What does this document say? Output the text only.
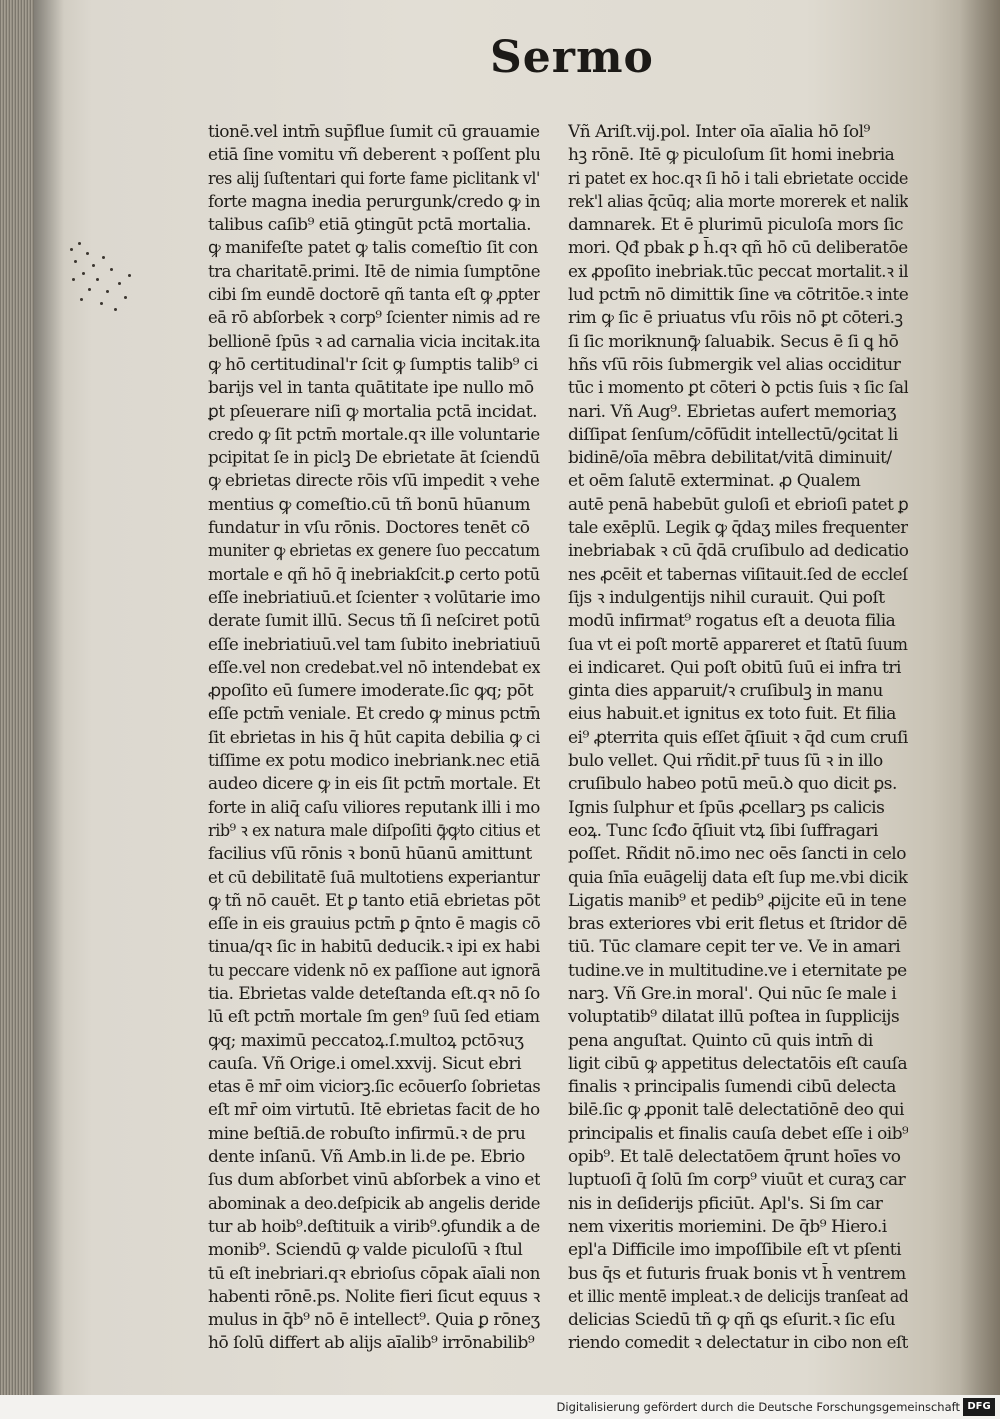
Sermo
tionē.vel intm̄ sup̄flue ſumit cū grauamie
etiā ſine vomitu vñ deberent ꝛ poſſent plu
res alij ſuſtentari qui forte fame piclitank vl'
forte magna inedia perurgunk/credo ꝙ in
talibus caſib⁹ etiā ꝯtingūt pctā mortalia.
ꝙ manifeſte patet ꝙ talis comeſtio ſit con
tra charitatē.primi. Itē de nimia ſumptōne
cibi ſm eundē doctorē qñ tanta eſt ꝙ ꝓpter
eā rō abſorbek ꝛ corp⁹ ſcienter nimis ad re
bellionē ſpūs ꝛ ad carnalia vicia incitak.ita
ꝙ hō certitudinal'r ſcit ꝙ ſumptis talib⁹ ci
barijs vel in tanta quātitate ipe nullo mō
ꝑt pſeuerare niſi ꝙ mortalia pctā incidat.
credo ꝙ ſit pctm̄ mortale.qꝛ ille voluntarie
pcipitat ſe in piclꝫ De ebrietate āt ſciendū
ꝙ ebrietas directe rōis vſū impedit ꝛ vehe
mentius ꝙ comeſtio.cū tñ bonū hūanum
fundatur in vſu rōnis. Doctores tenēt cō
muniter ꝙ ebrietas ex genere ſuo peccatum
mortale e qñ hō q̄ inebriakſcit.ꝑ certo potū
eſſe inebriatiuū.et ſcienter ꝛ volūtarie imo
derate ſumit illū. Secus tñ ſi neſciret potū
eſſe inebriatiuū.vel tam ſubito inebriatiuū
eſſe.vel non credebat.vel nō intendebat ex
ꝓpoſito eū ſumere imoderate.ſic ꝙq; pōt
eſſe pctm̄ veniale. Et credo ꝙ minus pctm̄
ſit ebrietas in his q̄ hūt capita debilia ꝙ ci
tiſſime ex potu modico inebriank.nec etiā
audeo dicere ꝙ in eis ſit pctm̄ mortale. Et
forte in aliq̄ caſu viliores reputank illi i mo
rib⁹ ꝛ ex natura male diſpoſiti ꝙ̄ꝙto citius et
facilius vſū rōnis ꝛ bonū hūanū amittunt
et cū debilitatē ſuā multotiens experiantur
ꝙ tñ nō cauēt. Et ꝑ tanto etiā ebrietas pōt
eſſe in eis grauius pctm̄ ꝑ q̄nto ē magis cō
tinua/qꝛ ſic in habitū deducik.ꝛ ipi ex habi
tu peccare videnk nō ex paſſione aut ignorā
tia. Ebrietas valde deteſtanda eſt.qꝛ nō ſo
lū eſt pctm̄ mortale ſm gen⁹ ſuū ſed etiam
ꝙq; maximū peccatoꝝ.ſ.multoꝝ pctōꝛuʒ
cauſa. Vñ Orige.i omel.xxvij. Sicut ebri
etas ē mr̄ oim viciorꝫ.ſic ecōuerſo ſobrietas
eſt mr̄ oim virtutū. Itē ebrietas facit de ho
mine beſtiā.de robuſto infirmū.ꝛ de pru
dente inſanū. Vñ Amb.in li.de pe. Ebrio
ſus dum abſorbet vinū abſorbek a vino et
abominak a deo.deſpicik ab angelis deride
tur ab hoib⁹.deſtituik a virib⁹.ꝯfundik a de
monib⁹. Sciendū ꝙ valde piculoſū ꝛ ſtul
tū eſt inebriari.qꝛ ebrioſus cōpak aīali non
habenti rōnē.ps. Nolite fieri ſicut equus ꝛ
mulus in q̄b⁹ nō ē intellect⁹. Quia ꝑ rōneʒ
hō ſolū differt ab alijs aīalib⁹ irrōnabilib⁹
Vñ Ariſt.vij.pol. Inter oīa aīalia hō ſol⁹
hꝫ rōnē. Itē ꝙ piculoſum ſit homi inebria
ri patet ex hoc.qꝛ ſi hō i tali ebrietate occide
rek'l alias q̄cūq; alia morte morerek et nalik
damnarek. Et ē plurimū piculoſa mors ſic
mori. Qđ pbak ꝑ h̄.qꝛ qñ hō cū deliberatōe
ex ꝓpoſito inebriak.tūc peccat mortalit.ꝛ il
lud pctm̄ nō dimittik ſine vͣa cōtritōe.ꝛ inte
rim ꝙ ſic ē priuatus vſu rōis nō ꝑt cōteri.ꝫ
ſi ſic moriknunꝙ̄ ſaluabik. Secus ē ſi ꝗ hō
hñs vſū rōis ſubmergik vel alias occiditur
tūc i momento ꝑt cōteri ꝺ pctis ſuis ꝛ ſic ſal
nari. Vñ Aug⁹. Ebrietas aufert memoriaʒ
diſſipat ſenſum/cōfūdit intellectū/ꝯcitat li
bidinē/oīa mēbra debilitat/vitā diminuit/
et oēm ſalutē exterminat. ꝓ Qualem
autē penā habebūt guloſi et ebrioſi patet ꝑ
tale exēplū. Legik ꝙ q̄daʒ miles frequenter
inebriabak ꝛ cū q̄dā cruſibulo ad dedicatio
nes ꝓcēit et tabernas viſitauit.ſed de eccleſ
ſijs ꝛ indulgentijs nihil curauit. Qui poſt
modū infirmat⁹ rogatus eſt a deuota filia
ſua vt ei poſt mortē appareret et ſtatū ſuum
ei indicaret. Qui poſt obitū ſuū ei infra tri
ginta dies apparuit/ꝛ cruſibulꝫ in manu
eius habuit.et ignitus ex toto fuit. Et filia
ei⁹ ꝓterrita quis eſſet q̄ſiuit ꝛ q̄d cum cruſi
bulo vellet. Qui rñdit.pr̄ tuus ſū ꝛ in illo
cruſibulo habeo potū meū.ꝺ quo dicit ꝑs.
Ignis ſulphur et ſpūs ꝓcellarꝫ ps calicis
eoꝝ. Tunc ſcđo q̄ſiuit vtꝝ ſibi ſuffragari
poſſet. Rñdit nō.imo nec oēs ſancti in celo
quia ſnīa euāgelij data eſt ſup me.vbi dicik
Ligatis manib⁹ et pedib⁹ ꝓijcite eū in tene
bras exteriores vbi erit fletus et ſtridor dē
tiū. Tūc clamare cepit ter ve. Ve in amari
tudine.ve in multitudine.ve i eternitate pe
narꝫ. Vñ Gre.in moral'. Qui nūc ſe male i
voluptatib⁹ dilatat illū poſtea in ſupplicijs
pena anguſtat. Quinto cū quis intm̄ di
ligit cibū ꝙ appetitus delectatōis eſt cauſa
finalis ꝛ principalis ſumendi cibū delecta
bilē.ſic ꝙ ꝓponit talē delectatiōnē deo qui
principalis et finalis cauſa debet eſſe i oib⁹
opib⁹. Et talē delectatōem q̄runt hoīes vo
luptuoſi q̄ ſolū ſm corp⁹ viuūt et curaʒ car
nis in deſiderijs pficiūt. Apl's. Si ſm car
nem vixeritis moriemini. De q̄b⁹ Hiero.i
epl'a Difficile imo impoſſibile eſt vt pſenti
bus q̄s et futuris fruak bonis vt h̄ ventrem
et illic mentē impleat.ꝛ de delicijs tranſeat ad
delicias Sciedū tñ ꝙ qñ ꝗs eſurit.ꝛ ſic eſu
riendo comedit ꝛ delectatur in cibo non eſt
Digitalisierung gefördert durch die Deutsche Forschungsgemeinschaft DFG
